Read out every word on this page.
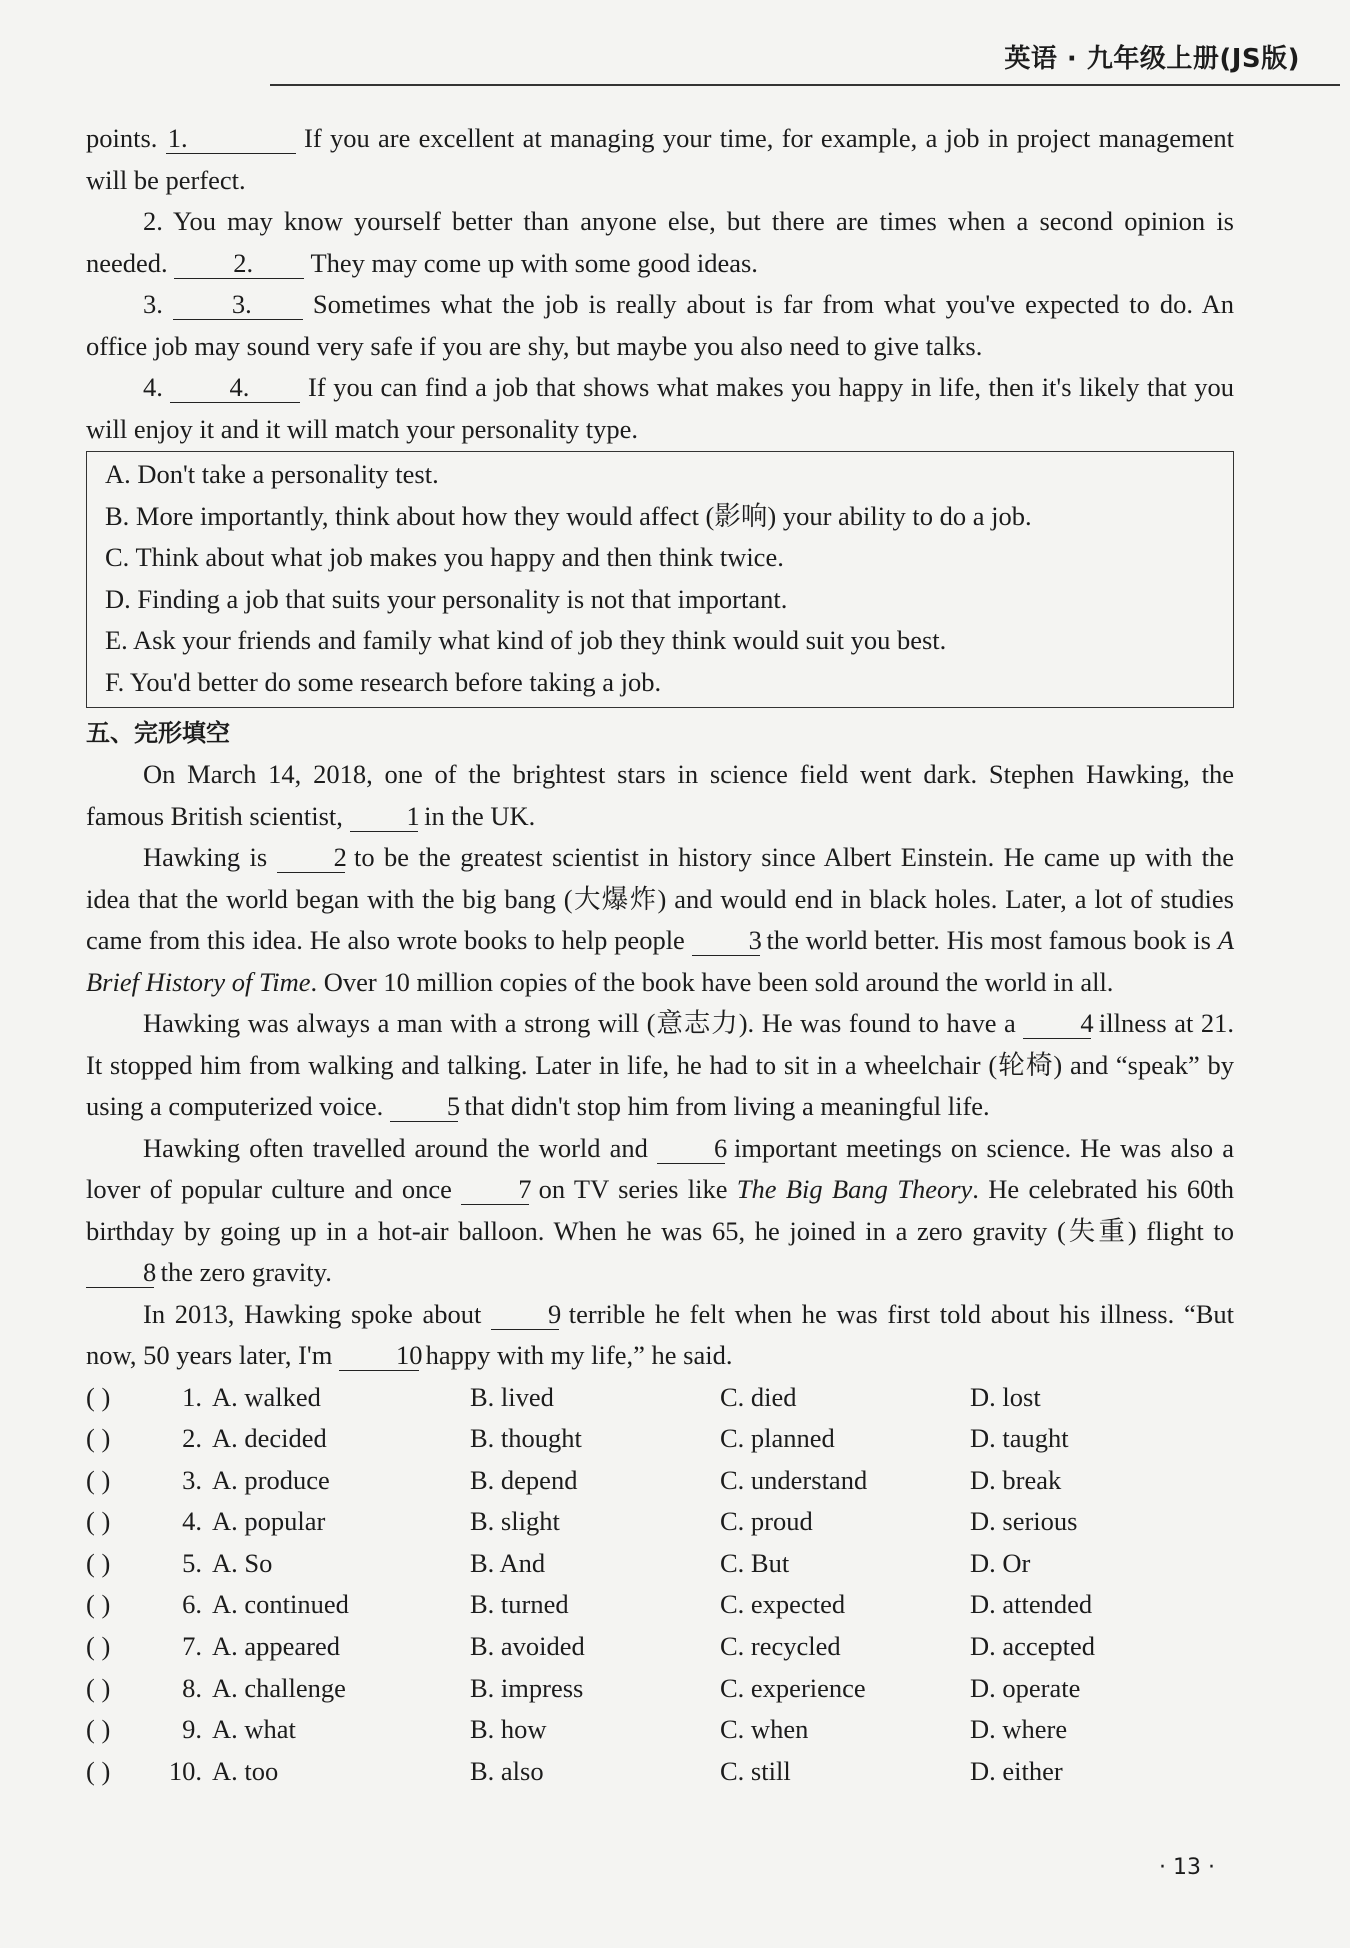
英语 · 九年级上册(JS版)

points. 1.	If you are excellent at managing your time, for example, a job in project management will be perfect.

2. You may know yourself better than anyone else, but there are times when a second opinion is needed. 2. They may come up with some good ideas.

3. 3. Sometimes what the job is really about is far from what you've expected to do. An office job may sound very safe if you are shy, but maybe you also need to give talks.

4. 4. If you can find a job that shows what makes you happy in life, then it's likely that you will enjoy it and it will match your personality type.

A. Don't take a personality test.
B. More importantly, think about how they would affect (影响) your ability to do a job.
C. Think about what job makes you happy and then think twice.
D. Finding a job that suits your personality is not that important.
E. Ask your friends and family what kind of job they think would suit you best.
F. You'd better do some research before taking a job.
五、完形填空

On March 14, 2018, one of the brightest stars in science field went dark. Stephen Hawking, the famous British scientist, 1 in the UK.

Hawking is 2 to be the greatest scientist in history since Albert Einstein. He came up with the idea that the world began with the big bang (大爆炸) and would end in black holes. Later, a lot of studies came from this idea. He also wrote books to help people 3 the world better. His most famous book is A Brief History of Time. Over 10 million copies of the book have been sold around the world in all.

Hawking was always a man with a strong will (意志力). He was found to have a 4 illness at 21. It stopped him from walking and talking. Later in life, he had to sit in a wheelchair (轮椅) and “speak” by using a computerized voice. 5 that didn't stop him from living a meaningful life.

Hawking often travelled around the world and 6 important meetings on science. He was also a lover of popular culture and once 7 on TV series like The Big Bang Theory. He celebrated his 60th birthday by going up in a hot-air balloon. When he was 65, he joined in a zero gravity (失重) flight to 8 the zero gravity.

In 2013, Hawking spoke about 9 terrible he felt when he was first told about his illness. “But now, 50 years later, I'm 10 happy with my life,” he said.

( )	1. A. walked	B. lived	C. died	D. lost
( )	2. A. decided	B. thought	C. planned	D. taught
( )	3. A. produce	B. depend	C. understand	D. break
( )	4. A. popular	B. slight	C. proud	D. serious
( )	5. A. So	B. And	C. But	D. Or
( )	6. A. continued	B. turned	C. expected	D. attended
( )	7. A. appeared	B. avoided	C. recycled	D. accepted
( )	8. A. challenge	B. impress	C. experience	D. operate
( )	9. A. what	B. how	C. when	D. where
( )	10. A. too	B. also	C. still	D. either
· 13 ·
